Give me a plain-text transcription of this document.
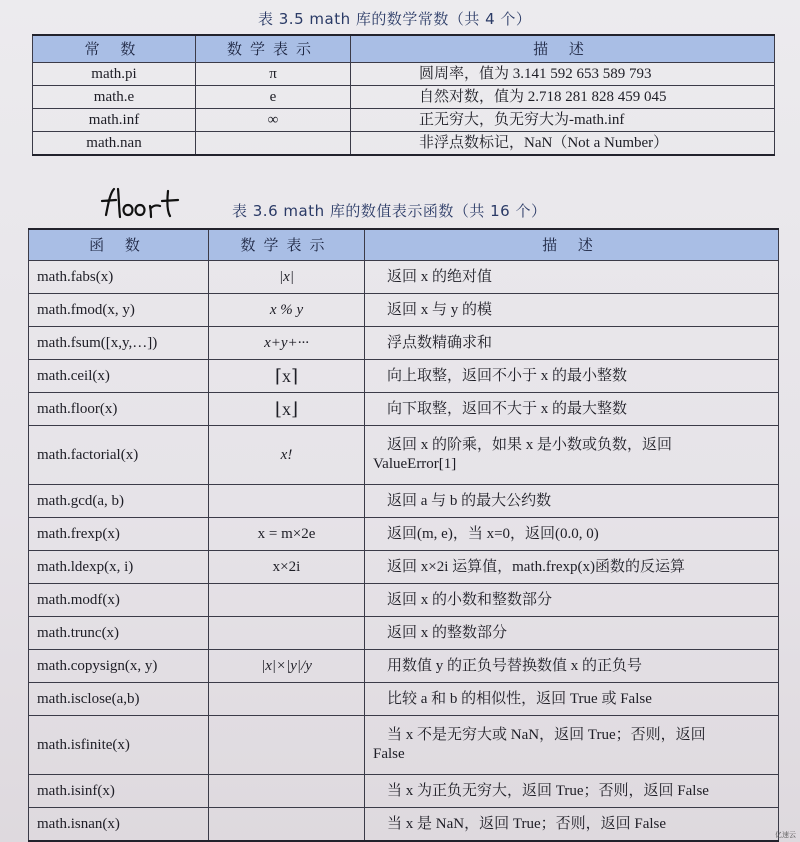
表 3.5 math 库的数学常数（共 4 个）
常 数	数学表示	描 述
math.pi	π	圆周率，值为 3.141 592 653 589 793
math.e	e	自然对数，值为 2.718 281 828 459 045
math.inf	∞	正无穷大，负无穷大为-math.inf
math.nan		非浮点数标记，NaN（Not a Number）
表 3.6 math 库的数值表示函数（共 16 个）
函 数	数学表示	描 述
math.fabs(x)	|x|	返回 x 的绝对值
math.fmod(x, y)	x % y	返回 x 与 y 的模
math.fsum([x,y,…])	x+y+···	浮点数精确求和
math.ceil(x)	⌈x⌉	向上取整，返回不小于 x 的最小整数
math.floor(x)	⌊x⌋	向下取整，返回不大于 x 的最大整数
math.factorial(x)	x!	返回 x 的阶乘，如果 x 是小数或负数，返回
ValueError[1]

math.gcd(a, b)		返回 a 与 b 的最大公约数
math.frexp(x)	x = m×2e	返回(m, e)，当 x=0，返回(0.0, 0)
math.ldexp(x, i)	x×2i	返回 x×2i 运算值，math.frexp(x)函数的反运算
math.modf(x)		返回 x 的小数和整数部分
math.trunc(x)		返回 x 的整数部分
math.copysign(x, y)	|x|×|y|/y	用数值 y 的正负号替换数值 x 的正负号
math.isclose(a,b)		比较 a 和 b 的相似性，返回 True 或 False
math.isfinite(x)		当 x 不是无穷大或 NaN，返回 True；否则，返回
False

math.isinf(x)		当 x 为正负无穷大，返回 True；否则，返回 False
math.isnan(x)		当 x 是 NaN，返回 True；否则，返回 False
亿速云
